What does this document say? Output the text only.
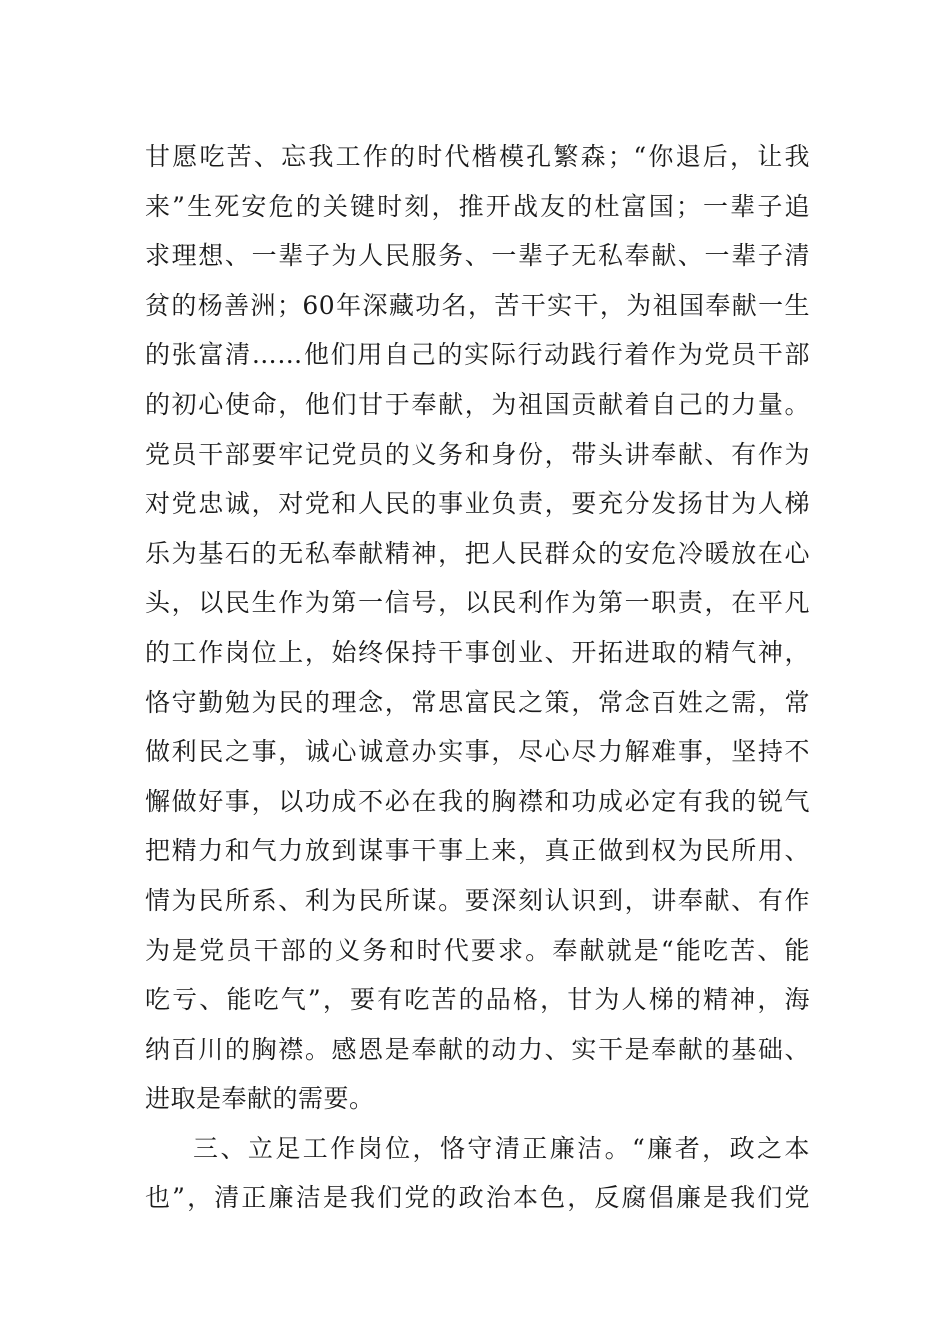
甘愿吃苦、忘我工作的时代楷模孔繁森；“你退后，让我
来”生死安危的关键时刻，推开战友的杜富国；一辈子追
求理想、一辈子为人民服务、一辈子无私奉献、一辈子清
贫的杨善洲；60年深藏功名，苦干实干，为祖国奉献一生
的张富清……他们用自己的实际行动践行着作为党员干部
的初心使命，他们甘于奉献，为祖国贡献着自己的力量。
党员干部要牢记党员的义务和身份，带头讲奉献、有作为
对党忠诚，对党和人民的事业负责，要充分发扬甘为人梯
乐为基石的无私奉献精神，把人民群众的安危冷暖放在心
头，以民生作为第一信号，以民利作为第一职责，在平凡
的工作岗位上，始终保持干事创业、开拓进取的精气神，
恪守勤勉为民的理念，常思富民之策，常念百姓之需，常
做利民之事，诚心诚意办实事，尽心尽力解难事，坚持不
懈做好事，以功成不必在我的胸襟和功成必定有我的锐气
把精力和气力放到谋事干事上来，真正做到权为民所用、
情为民所系、利为民所谋。要深刻认识到，讲奉献、有作
为是党员干部的义务和时代要求。奉献就是“能吃苦、能
吃亏、能吃气”，要有吃苦的品格，甘为人梯的精神，海
纳百川的胸襟。感恩是奉献的动力、实干是奉献的基础、
进取是奉献的需要。
三、立足工作岗位，恪守清正廉洁。“廉者，政之本
也”，清正廉洁是我们党的政治本色，反腐倡廉是我们党
